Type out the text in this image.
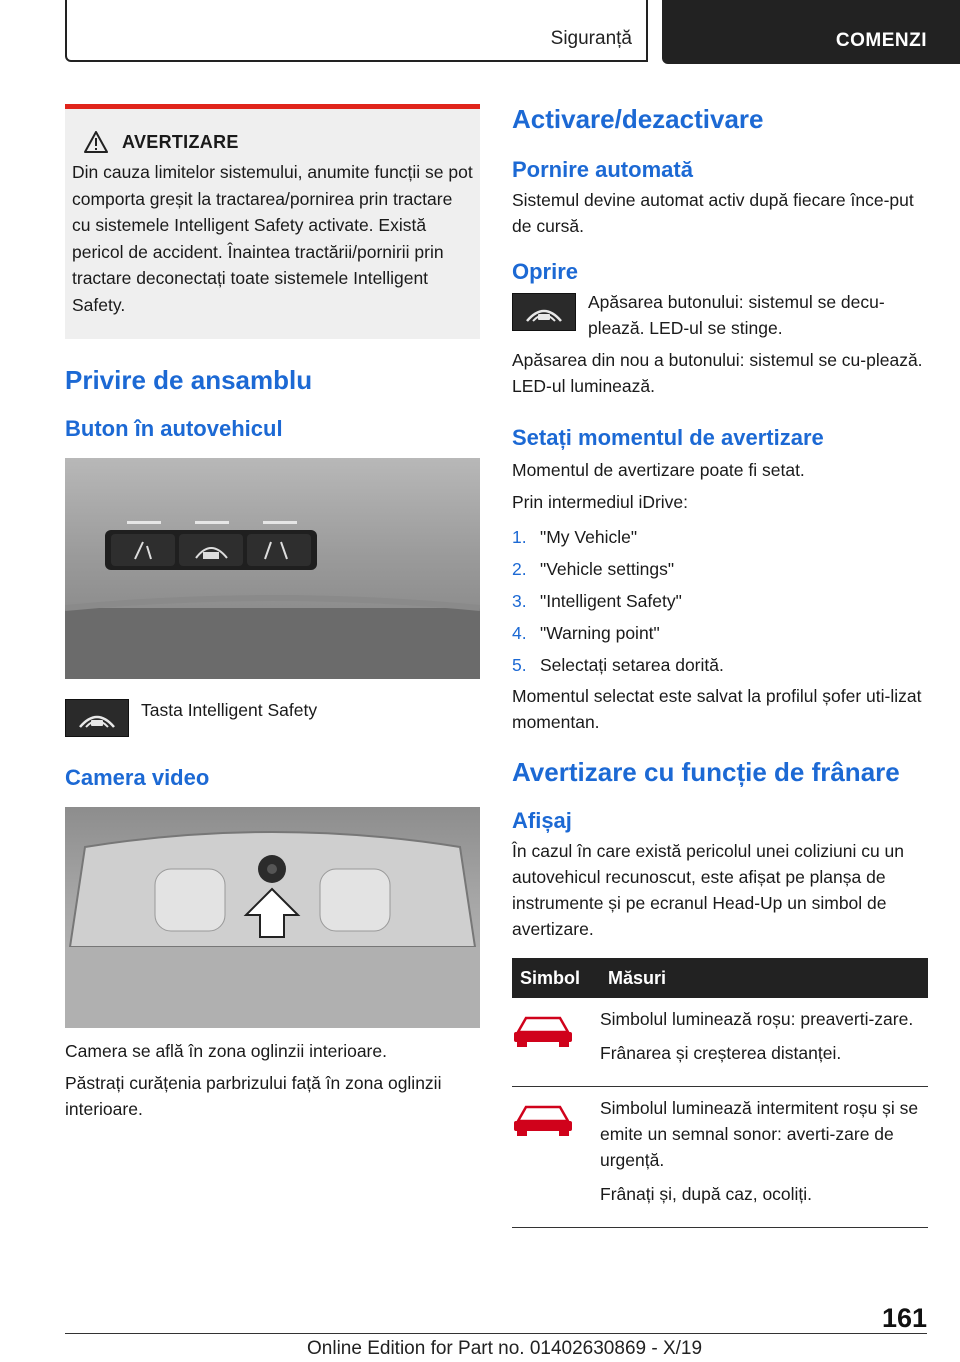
Siguranță	COMENZI
AVERTIZARE

Din cauza limitelor sistemului, anumite funcții se pot comporta greșit la tractarea/pornirea prin tractare cu sistemele Intelligent Safety activate. Există pericol de accident. Înaintea tractării/pornirii prin tractare deconectați toate sistemele Intelligent Safety.

Privire de ansamblu
Buton în autovehicul

Tasta Intelligent Safety

Camera video

Camera se află în zona oglinzii interioare.

Păstrați curățenia parbrizului față în zona oglinzii interioare.

Activare/dezactivare
Pornire automată

Sistemul devine automat activ după fiecare înce-put de cursă.

Oprire

Apăsarea butonului: sistemul se decu-plează. LED-ul se stinge.

Apăsarea din nou a butonului: sistemul se cu-plează. LED-ul luminează.

Setați momentul de avertizare

Momentul de avertizare poate fi setat.

Prin intermediul iDrive:

1. "My Vehicle"
2. "Vehicle settings"
3. "Intelligent Safety"
4. "Warning point"
5. Selectați setarea dorită.

Momentul selectat este salvat la profilul șofer uti-lizat momentan.

Avertizare cu funcție de frânare
Afișaj

În cazul în care există pericolul unei coliziuni cu un autovehicul recunoscut, este afișat pe planșa de instrumente și pe ecranul Head-Up un simbol de avertizare.

Simbol	Măsuri

Simbolul luminează roșu: preaverti-zare.

Frânarea și creșterea distanței.

Simbolul luminează intermitent roșu și se emite un semnal sonor: averti-zare de urgență.

Frânați și, după caz, ocoliți.

161
Online Edition for Part no. 01402630869 - X/19
